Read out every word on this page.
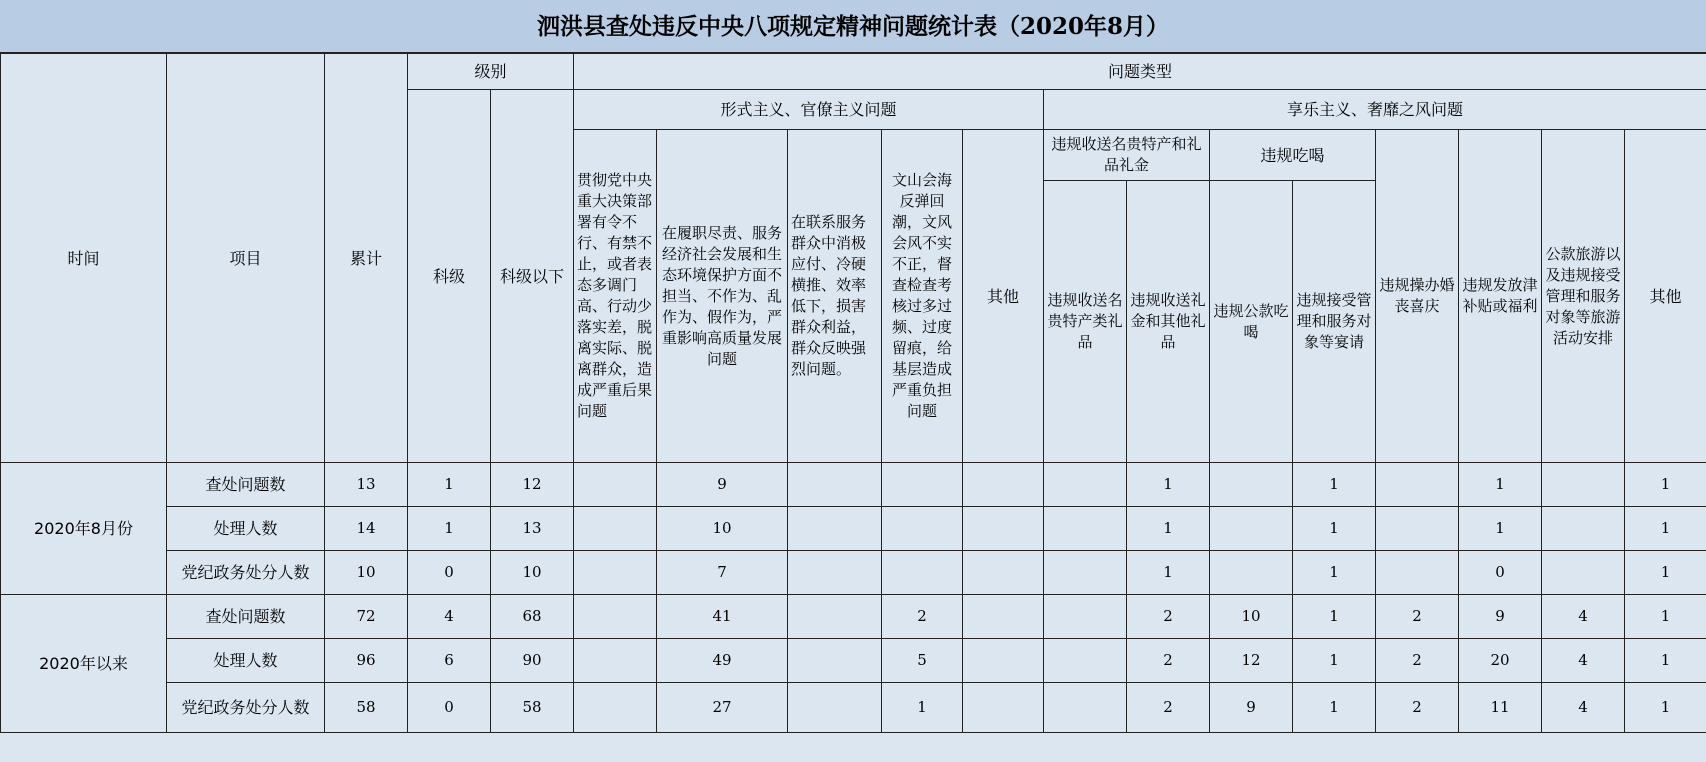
泗洪县查处违反中央八项规定精神问题统计表（2020年8月）
时间	项目	累计	级别		问题类型												
			科级	科级以下	形式主义、官僚主义问题					享乐主义、奢靡之风问题							
					贯彻党中央重大决策部署有令不行、有禁不止，或者表态多调门高、行动少落实差，脱离实际、脱离群众，造成严重后果问题	在履职尽责、服务经济社会发展和生态环境保护方面不担当、不作为、乱作为、假作为，严重影响高质量发展问题	在联系服务群众中消极应付、冷硬横推、效率低下，损害群众利益，群众反映强烈问题。	文山会海反弹回潮，文风会风不实不正，督查检查考核过多过频、过度留痕，给基层造成严重负担问题	其他	违规收送名贵特产和礼品礼金		违规吃喝		违规操办婚丧喜庆	违规发放津补贴或福利	公款旅游以及违规接受管理和服务对象等旅游活动安排	其他
										违规收送名贵特产类礼品	违规收送礼金和其他礼品	违规公款吃喝	违规接受管理和服务对象等宴请				

2020年8月份	查处问题数	13	1	12		9					1		1		1		1
	处理人数	14	1	13		10					1		1		1		1
	党纪政务处分人数	10	0	10		7					1		1		0		1
2020年以来	查处问题数	72	4	68		41		2			2	10	1	2	9	4	1
	处理人数	96	6	90		49		5			2	12	1	2	20	4	1
	党纪政务处分人数	58	0	58		27		1			2	9	1	2	11	4	1
